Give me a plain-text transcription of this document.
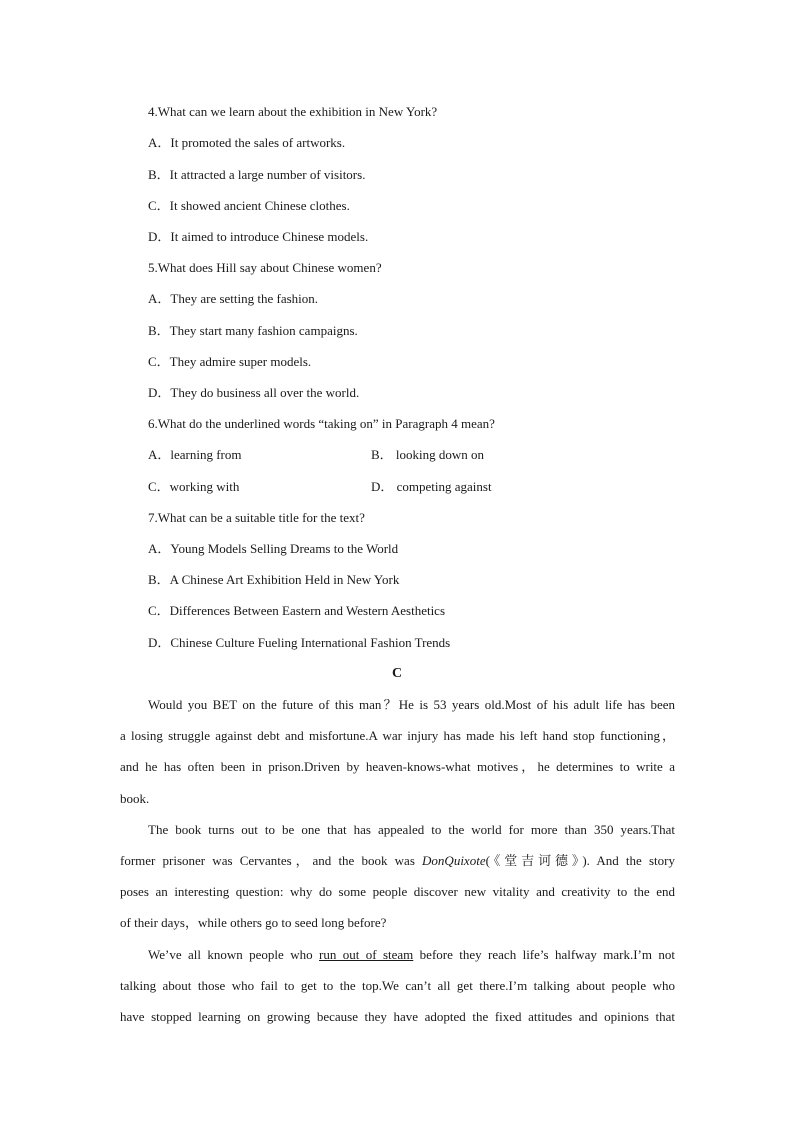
4.What can we learn about the exhibition in New York?
A．It promoted the sales of artworks.
B．It attracted a large number of visitors.
C．It showed ancient Chinese clothes.
D．It aimed to introduce Chinese models.
5.What does Hill say about Chinese women?
A．They are setting the fashion.
B．They start many fashion campaigns.
C．They admire super models.
D．They do business all over the world.
6.What do the underlined words “taking on” in Paragraph 4 mean?
A．learning from	B． looking down on
C．working with	D． competing against
7.What can be a suitable title for the text?
A．Young Models Selling Dreams to the World
B．A Chinese Art Exhibition Held in New York
C．Differences Between Eastern and Western Aesthetics
D．Chinese Culture Fueling International Fashion Trends
C
Would you BET on the future of this man？He is 53 years old.Most of his adult life has been
a losing struggle against debt and misfortune.A war injury has made his left hand stop functioning，
and he has often been in prison.Driven by heaven-knows-what motives，he determines to write a
book.
The book turns out to be one that has appealed to the world for more than 350 years.That
former prisoner was Cervantes，and the book was DonQuixote(《堂吉诃德》). And the story
poses an interesting question: why do some people discover new vitality and creativity to the end
of their days，while others go to seed long before?
We’ve all known people who run out of steam before they reach life’s halfway mark.I’m not
talking about those who fail to get to the top.We can’t all get there.I’m talking about people who
have stopped learning on growing because they have adopted the fixed attitudes and opinions that
